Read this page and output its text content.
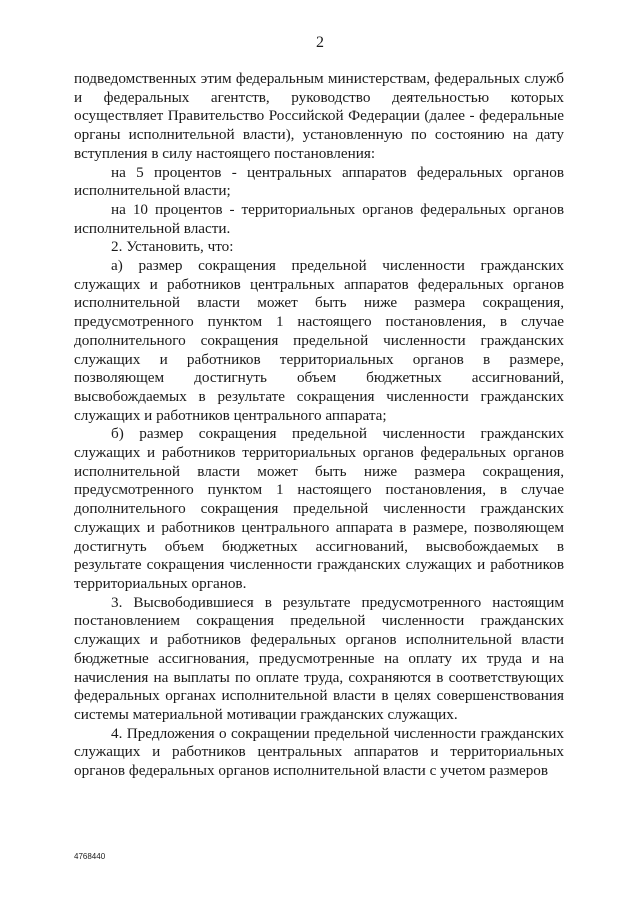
2

подведомственных этим федеральным министерствам, федеральных служб и федеральных агентств, руководство деятельностью которых осуществляет Правительство Российской Федерации (далее - федеральные органы исполнительной власти), установленную по состоянию на дату вступления в силу настоящего постановления:

на 5 процентов - центральных аппаратов федеральных органов исполнительной власти;

на 10 процентов - территориальных органов федеральных органов исполнительной власти.

2. Установить, что:

а) размер сокращения предельной численности гражданских служащих и работников центральных аппаратов федеральных органов исполнительной власти может быть ниже размера сокращения, предусмотренного пунктом 1 настоящего постановления, в случае дополнительного сокращения предельной численности гражданских служащих и работников территориальных органов в размере, позволяющем достигнуть объем бюджетных ассигнований, высвобождаемых в результате сокращения численности гражданских служащих и работников центрального аппарата;

б) размер сокращения предельной численности гражданских служащих и работников территориальных органов федеральных органов исполнительной власти может быть ниже размера сокращения, предусмотренного пунктом 1 настоящего постановления, в случае дополнительного сокращения предельной численности гражданских служащих и работников центрального аппарата в размере, позволяющем достигнуть объем бюджетных ассигнований, высвобождаемых в результате сокращения численности гражданских служащих и работников территориальных органов.

3. Высвободившиеся в результате предусмотренного настоящим постановлением сокращения предельной численности гражданских служащих и работников федеральных органов исполнительной власти бюджетные ассигнования, предусмотренные на оплату их труда и на начисления на выплаты по оплате труда, сохраняются в соответствующих федеральных органах исполнительной власти в целях совершенствования системы материальной мотивации гражданских служащих.

4. Предложения о сокращении предельной численности гражданских служащих и работников центральных аппаратов и территориальных органов федеральных органов исполнительной власти с учетом размеров

4768440
